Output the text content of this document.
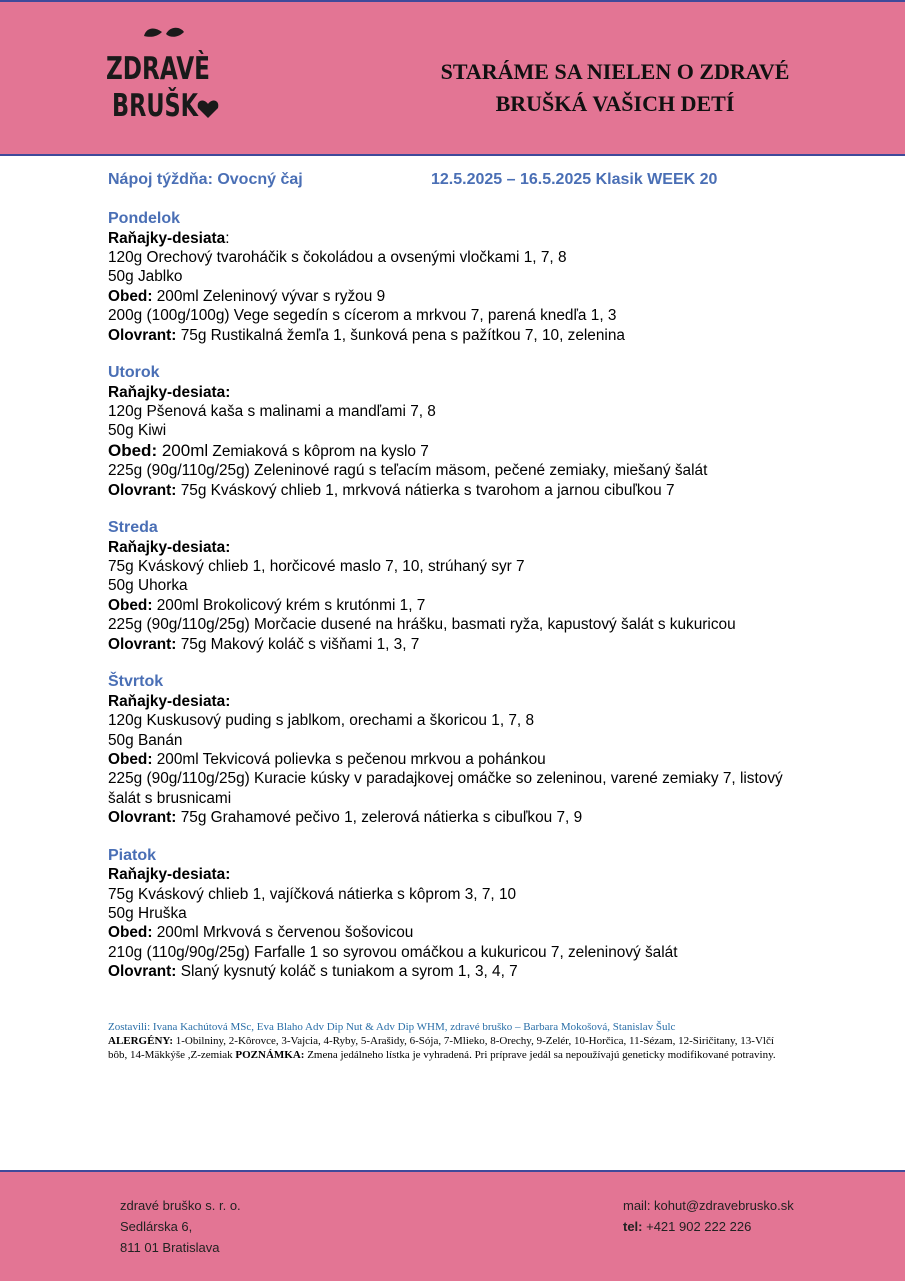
ZDRAVÈ
BRUŠK
STARÁME SA NIELEN O ZDRAVÉ
BRUŠKÁ VAŠICH DETÍ
Nápoj týždňa: Ovocný čaj	12.5.2025 – 16.5.2025 Klasik WEEK 20
Pondelok
Raňajky-desiata:
120g Orechový tvaroháčik s čokoládou a ovsenými vločkami 1, 7, 8
50g Jablko
Obed: 200ml Zeleninový vývar s ryžou 9
200g (100g/100g) Vege segedín s cícerom a mrkvou 7, parená knedľa 1, 3
Olovrant: 75g Rustikalná žemľa 1, šunková pena s pažítkou 7, 10, zelenina
Utorok
Raňajky-desiata:
120g Pšenová kaša s malinami a mandľami 7, 8
50g Kiwi
Obed: 200ml Zemiaková s kôprom na kyslo 7
225g (90g/110g/25g) Zeleninové ragú s teľacím mäsom, pečené zemiaky, miešaný šalát
Olovrant: 75g Kváskový chlieb 1, mrkvová nátierka s tvarohom a jarnou cibuľkou 7
Streda
Raňajky-desiata:
75g Kváskový chlieb 1, horčicové maslo 7, 10, strúhaný syr 7
50g Uhorka
Obed: 200ml Brokolicový krém s krutónmi 1, 7
225g (90g/110g/25g) Morčacie dusené na hrášku, basmati ryža, kapustový šalát s kukuricou
Olovrant: 75g Makový koláč s višňami 1, 3, 7
Štvrtok
Raňajky-desiata:
120g Kuskusový puding s jablkom, orechami a škoricou 1, 7, 8
50g Banán
Obed: 200ml Tekvicová polievka s pečenou mrkvou a pohánkou
225g (90g/110g/25g) Kuracie kúsky v paradajkovej omáčke so zeleninou, varené zemiaky 7, listový šalát s brusnicami
Olovrant: 75g Grahamové pečivo 1, zelerová nátierka s cibuľkou 7, 9
Piatok
Raňajky-desiata:
75g Kváskový chlieb 1, vajíčková nátierka s kôprom 3, 7, 10
50g Hruška
Obed: 200ml Mrkvová s červenou šošovicou
210g (110g/90g/25g) Farfalle 1 so syrovou omáčkou a kukuricou 7, zeleninový šalát
Olovrant: Slaný kysnutý koláč s tuniakom a syrom 1, 3, 4, 7
Zostavili: Ivana Kachútová MSc, Eva Blaho Adv Dip Nut & Adv Dip WHM, zdravé bruško – Barbara Mokošová, Stanislav Šulc
ALERGÉNY: 1-Obilniny, 2-Kôrovce, 3-Vajcia, 4-Ryby, 5-Arašidy, 6-Sója, 7-Mlieko, 8-Orechy, 9-Zelér, 10-Horčica, 11-Sézam, 12-Siričitany, 13-Vlčí bôb, 14-Mäkkýše ,Z-zemiak POZNÁMKA: Zmena jedálneho lístka je vyhradená. Pri príprave jedál sa nepoužívajú geneticky modifikované potraviny.
zdravé bruško s. r. o.
Sedlárska 6,
811 01 Bratislava
mail: kohut@zdravebrusko.sk
tel: +421 902 222 226
